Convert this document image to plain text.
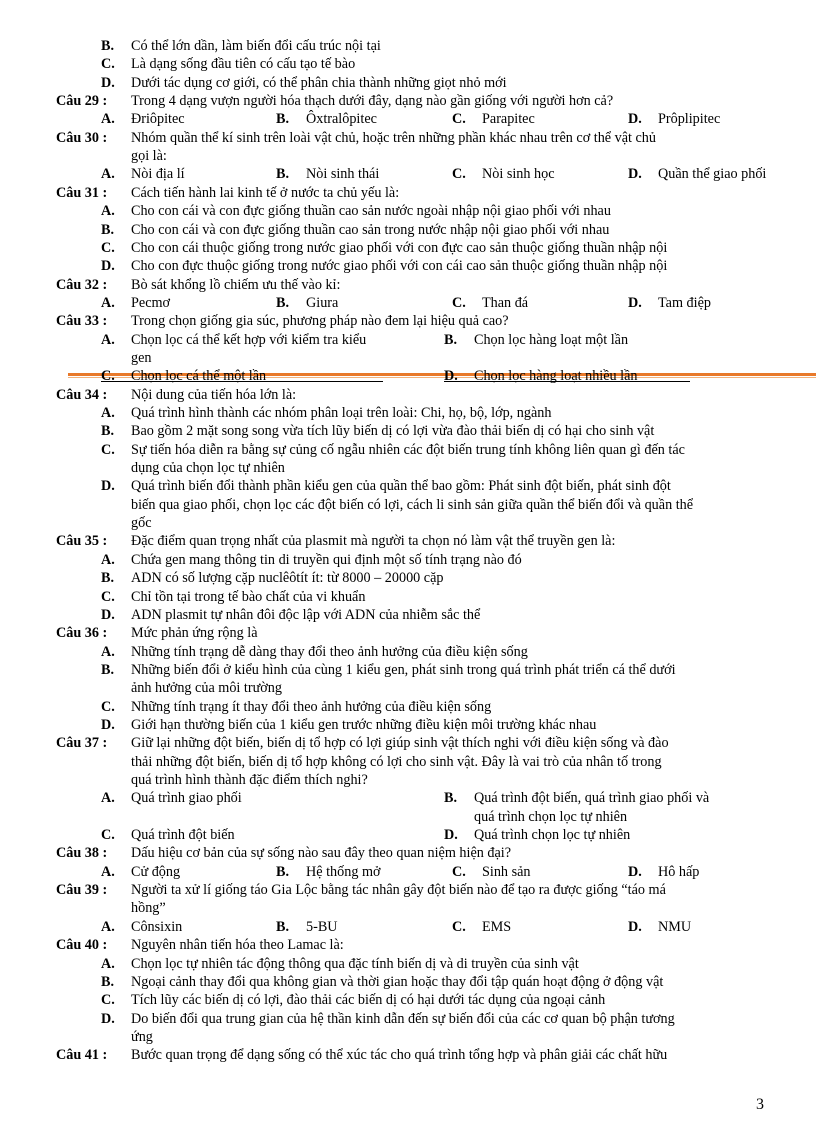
B. Có thể lớn dần, làm biến đổi cấu trúc nội tại
C. Là dạng sống đầu tiên có cấu tạo tế bào
D. Dưới tác dụng cơ giới, có thể phân chia thành những giọt nhỏ mới
Câu 29 : Trong 4 dạng vượn người hóa thạch dưới đây, dạng nào gần giống với người hơn cả?
A. Đriôpitec	B. Ôxtralôpitec	C. Parapitec	D. Prôplipitec
Câu 30 : Nhóm quần thể kí sinh trên loài vật chủ, hoặc trên những phần khác nhau trên cơ thể vật chủ
gọi là:
A. Nòi địa lí	B. Nòi sinh thái	C. Nòi sinh học	D. Quần thể giao phối
Câu 31 : Cách tiến hành lai kinh tế ở nước ta chủ yếu là:
A. Cho con cái và con đực giống thuần cao sản nước ngoài nhập nội giao phối với nhau
B. Cho con cái và con đực giống thuần cao sản trong nước nhập nội giao phối với nhau
C. Cho con cái thuộc giống trong nước giao phối với con đực cao sản thuộc giống thuần nhập nội
D. Cho con đực thuộc giống trong nước giao phối với con cái cao sản thuộc giống thuần nhập nội
Câu 32 : Bò sát khổng lồ chiếm ưu thế vào kỉ:
A. Pecmơ	B. Giura	C. Than đá	D. Tam điệp
Câu 33 : Trong chọn giống gia súc, phương pháp nào đem lại hiệu quả cao?
A. Chọn lọc cá thể kết hợp với kiểm tra kiểu	B. Chọn lọc hàng loạt một lần
gen
C. Chọn lọc cá thể một lần	D. Chọn lọc hàng loạt nhiều lần
Câu 34 : Nội dung của tiến hóa lớn là:
A. Quá trình hình thành các nhóm phân loại trên loài: Chi, họ, bộ, lớp, ngành
B. Bao gồm 2 mặt song song vừa tích lũy biến dị có lợi vừa đào thải biến dị có hại cho sinh vật
C. Sự tiến hóa diễn ra bằng sự củng cố ngẫu nhiên các đột biến trung tính không liên quan gì đến tác
dụng của chọn lọc tự nhiên
D. Quá trình biến đổi thành phần kiểu gen của quần thể bao gồm: Phát sinh đột biến, phát sinh đột
biến qua giao phối, chọn lọc các đột biến có lợi, cách li sinh sản giữa quần thể biến đổi và quần thể
gốc
Câu 35 : Đặc điểm quan trọng nhất của plasmit mà người ta chọn nó làm vật thể truyền gen là:
A. Chứa gen mang thông tin di truyền qui định một số tính trạng nào đó
B. ADN có số lượng cặp nuclêôtít ít: từ 8000 – 20000 cặp
C. Chỉ tồn tại trong tế bào chất của vi khuẩn
D. ADN plasmit tự nhân đôi độc lập với ADN của nhiễm sắc thể
Câu 36 : Mức phản ứng rộng là
A. Những tính trạng dễ dàng thay đổi theo ảnh hưởng của điều kiện sống
B. Những biến đổi ở kiểu hình của cùng 1 kiểu gen, phát sinh trong quá trình phát triển cá thể dưới
ảnh hưởng của môi trường
C. Những tính trạng ít thay đổi theo ảnh hưởng của điều kiện sống
D. Giới hạn thường biến của 1 kiểu gen trước những điều kiện môi trường khác nhau
Câu 37 : Giữ lại những đột biến, biến dị tổ hợp có lợi giúp sinh vật thích nghi với điều kiện sống và đào
thải những đột biến, biến dị tổ hợp không có lợi cho sinh vật. Đây là vai trò của nhân tố trong
quá trình hình thành đặc điểm thích nghi?
A. Quá trình giao phối	B. Quá trình đột biến, quá trình giao phối và
quá trình chọn lọc tự nhiên
C. Quá trình đột biến	D. Quá trình chọn lọc tự nhiên
Câu 38 : Dấu hiệu cơ bản của sự sống nào sau đây theo quan niệm hiện đại?
A. Cử động	B. Hệ thống mở	C. Sinh sản	D. Hô hấp
Câu 39 : Người ta xử lí giống táo Gia Lộc bằng tác nhân gây đột biến nào để tạo ra được giống “táo má
hồng”
A. Cônsixin	B. 5-BU	C. EMS	D. NMU
Câu 40 : Nguyên nhân tiến hóa theo Lamac là:
A. Chọn lọc tự nhiên tác động thông qua đặc tính biến dị và di truyền của sinh vật
B. Ngoại cảnh thay đổi qua không gian và thời gian hoặc thay đổi tập quán hoạt động ở động vật
C. Tích lũy các biến dị có lợi, đào thải các biến dị có hại dưới tác dụng của ngoại cảnh
D. Do biến đổi qua trung gian của hệ thần kinh dẫn đến sự biến đổi của các cơ quan bộ phận tương
ứng
Câu 41 : Bước quan trọng để dạng sống có thể xúc tác cho quá trình tổng hợp và phân giải các chất hữu
3
